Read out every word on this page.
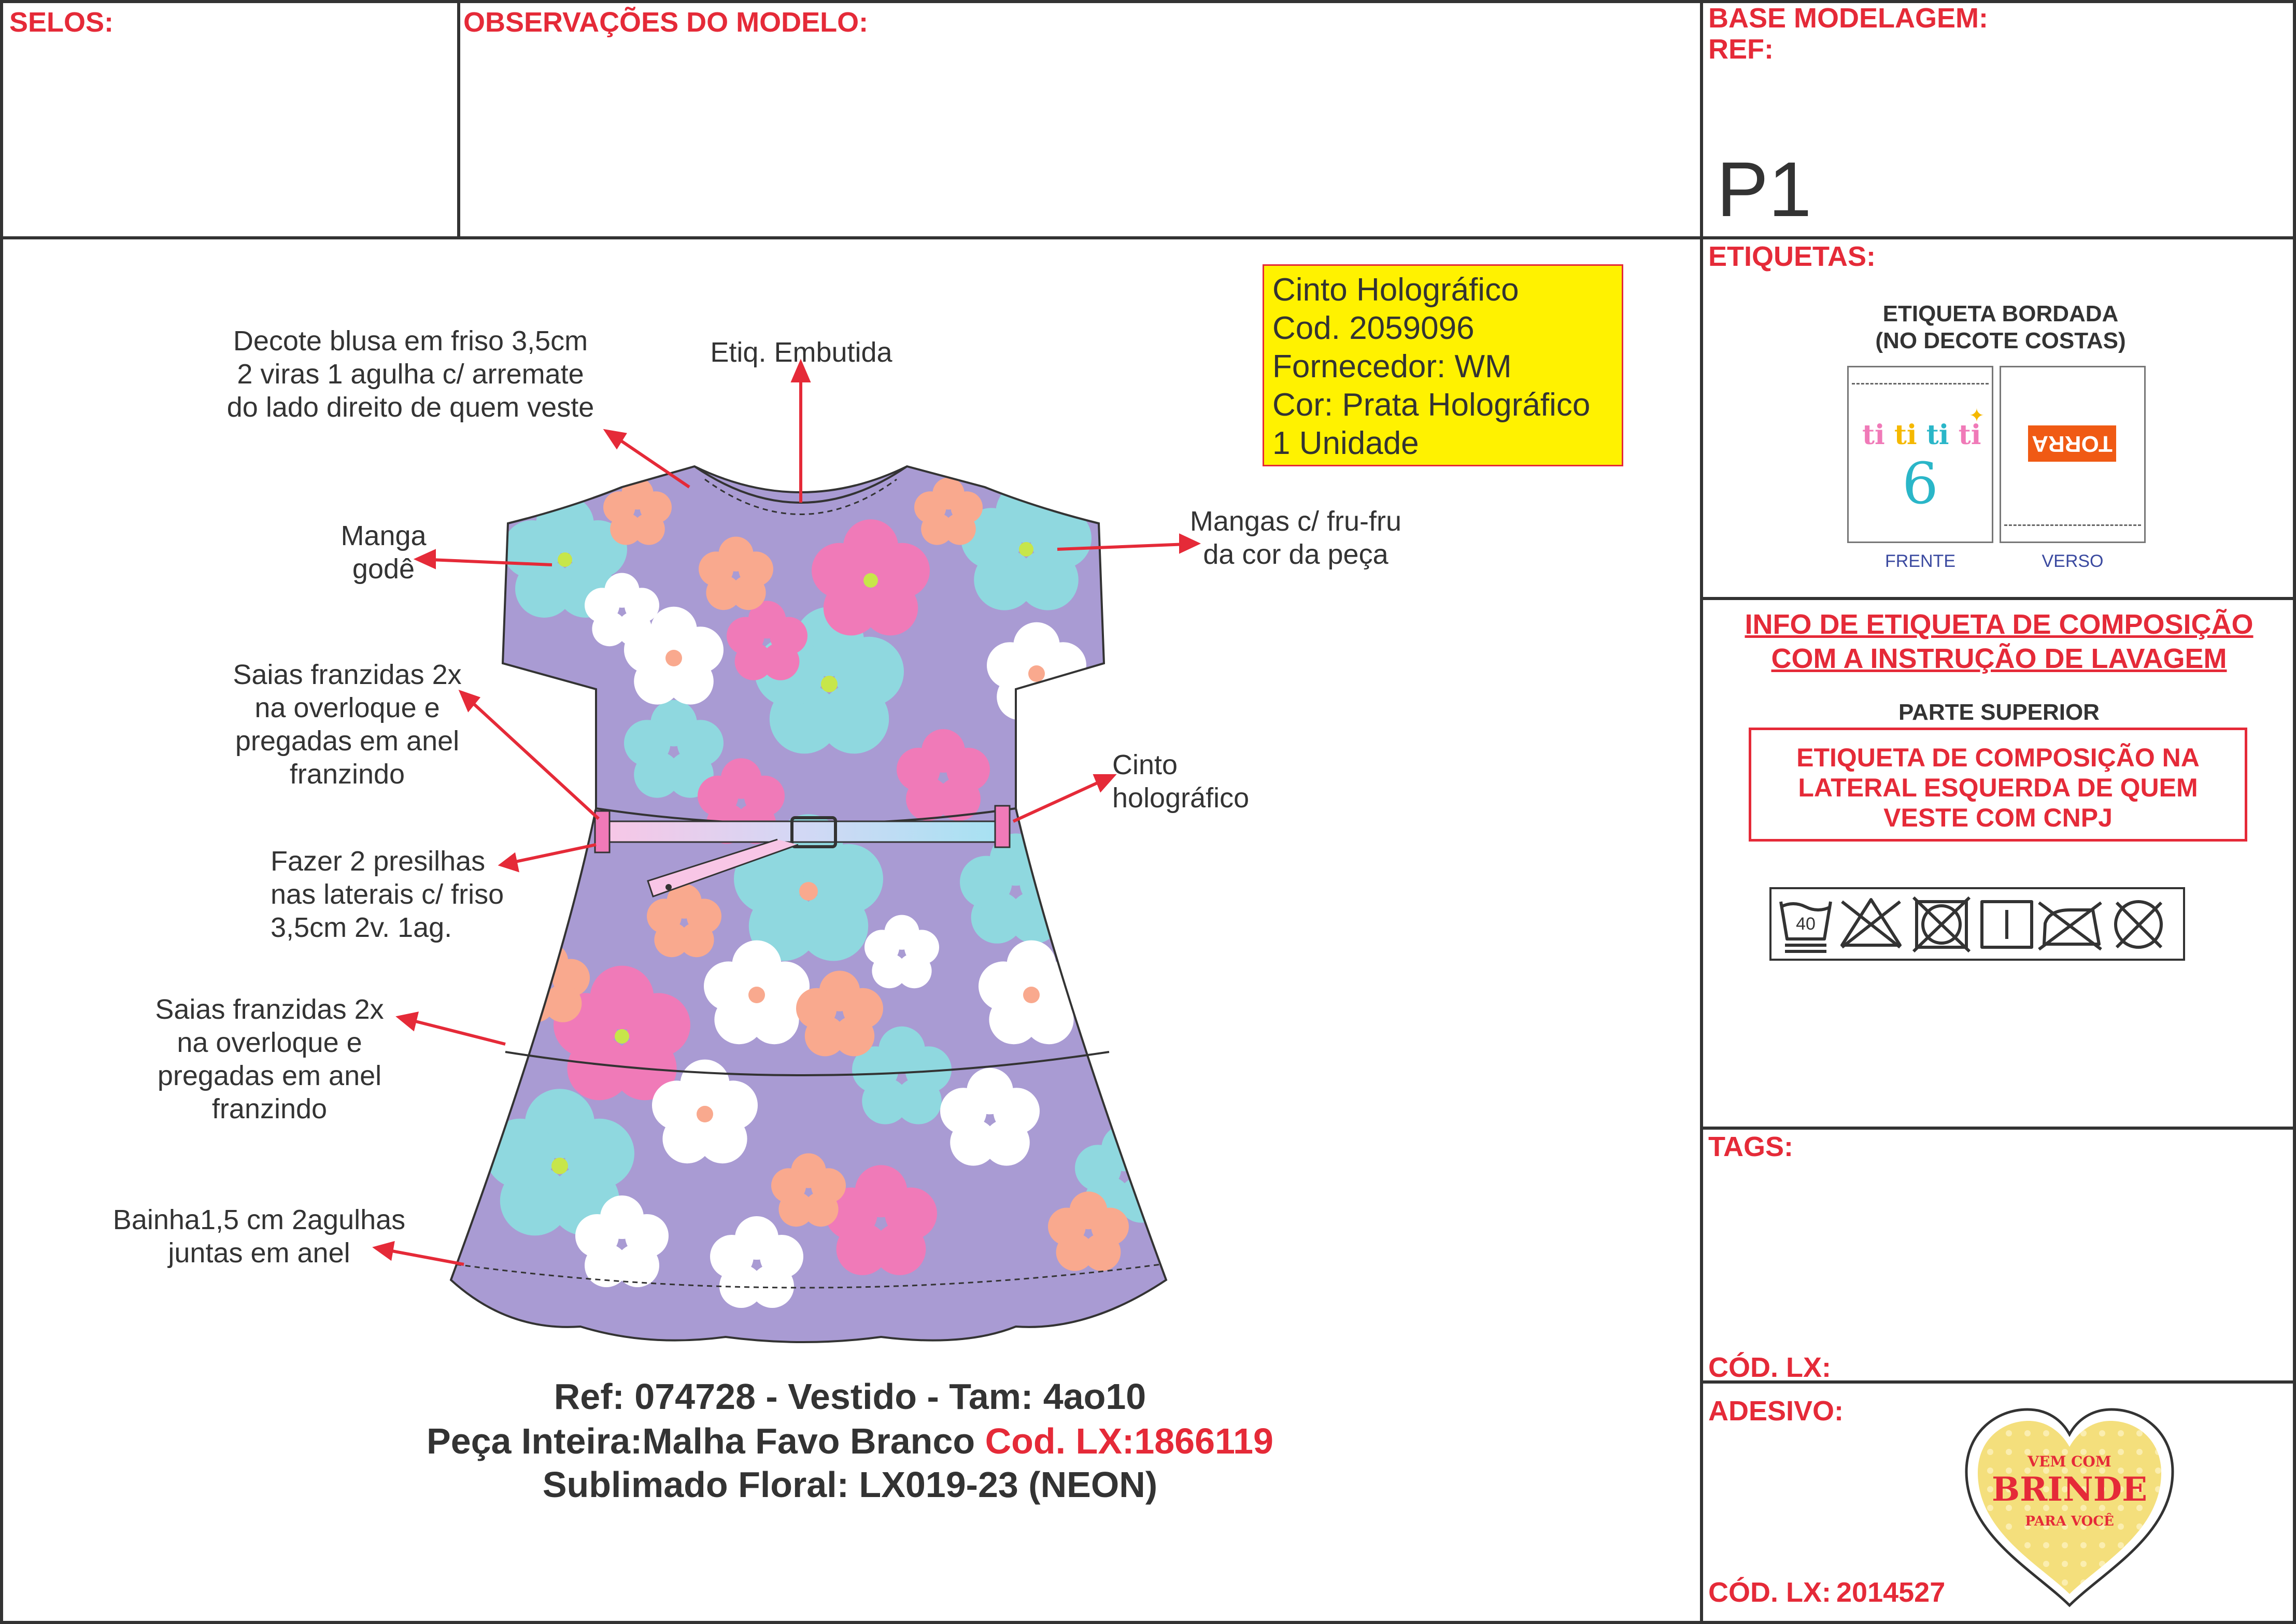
SELOS:	OBSERVAÇÕES DO MODELO:	BASE MODELAGEM:
REF:
P1
Cinto Holográfico
Cod. 2059096
Fornecedor: WM
Cor: Prata Holográfico
1 Unidade
Decote blusa em friso 3,5cm
2 viras 1 agulha c/ arremate
do lado direito de quem veste
Etiq. Embutida
Manga
godê
Mangas c/ fru-fru
da cor da peça
Saias franzidas 2x
na overloque e
pregadas em anel
franzindo	Cinto
holográfico
Fazer 2 presilhas
nas laterais c/ friso
3,5cm 2v. 1ag.
Saias franzidas 2x
na overloque e
pregadas em anel
franzindo
Bainha1,5 cm 2agulhas
juntas em anel
Ref: 074728 - Vestido - Tam: 4ao10
Peça Inteira:Malha Favo Branco Cod. LX:1866119
Sublimado Floral: LX019-23 (NEON)
ETIQUETAS:
ETIQUETA BORDADA
(NO DECOTE COSTAS)
ti ti ti ti
6
✦
TORRA
FRENTE	VERSO
INFO DE ETIQUETA DE COMPOSIÇÃO
COM A INSTRUÇÃO DE LAVAGEM
PARTE SUPERIOR
ETIQUETA DE COMPOSIÇÃO NA
LATERAL ESQUERDA DE QUEM
VESTE COM CNPJ
40
TAGS:
CÓD. LX:
ADESIVO:
CÓD. LX: 2014527
VEM COM
BRINDE
PARA VOCÊ
